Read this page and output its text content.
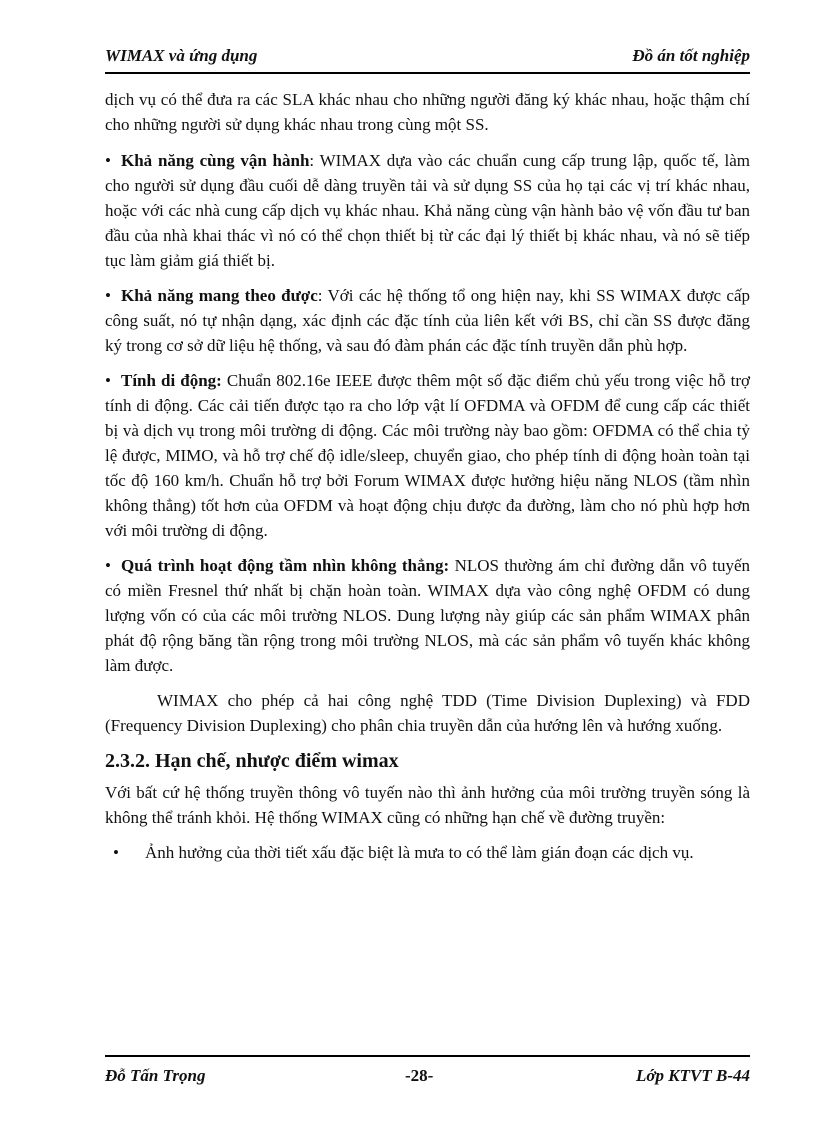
WIMAX và ứng dụng	Đồ án tốt nghiệp

dịch vụ có thể đưa ra các SLA khác nhau cho những người đăng ký khác nhau, hoặc thậm chí cho những người sử dụng khác nhau trong cùng một SS.

• Khả năng cùng vận hành: WIMAX dựa vào các chuẩn cung cấp trung lập, quốc tế, làm cho người sử dụng đầu cuối dễ dàng truyền tải và sử dụng SS của họ tại các vị trí khác nhau, hoặc với các nhà cung cấp dịch vụ khác nhau. Khả năng cùng vận hành bảo vệ vốn đầu tư ban đầu của nhà khai thác vì nó có thể chọn thiết bị từ các đại lý thiết bị khác nhau, và nó sẽ tiếp tục làm giảm giá thiết bị.

• Khả năng mang theo được: Với các hệ thống tổ ong hiện nay, khi SS WIMAX được cấp công suất, nó tự nhận dạng, xác định các đặc tính của liên kết với BS, chỉ cần SS được đăng ký trong cơ sở dữ liệu hệ thống, và sau đó đàm phán các đặc tính truyền dẫn phù hợp.

• Tính di động: Chuẩn 802.16e IEEE được thêm một số đặc điểm chủ yếu trong việc hỗ trợ tính di động. Các cải tiến được tạo ra cho lớp vật lí OFDMA và OFDM để cung cấp các thiết bị và dịch vụ trong môi trường di động. Các môi trường này bao gồm: OFDMA có thể chia tỷ lệ được, MIMO, và hỗ trợ chế độ idle/sleep, chuyển giao, cho phép tính di động hoàn toàn tại tốc độ 160 km/h. Chuẩn hỗ trợ bởi Forum WIMAX được hưởng hiệu năng NLOS (tầm nhìn không thẳng) tốt hơn của OFDM và hoạt động chịu được đa đường, làm cho nó phù hợp hơn với môi trường di động.

• Quá trình hoạt động tầm nhìn không thẳng: NLOS thường ám chỉ đường dẫn vô tuyến có miền Fresnel thứ nhất bị chặn hoàn toàn. WIMAX dựa vào công nghệ OFDM có dung lượng vốn có của các môi trường NLOS. Dung lượng này giúp các sản phẩm WIMAX phân phát độ rộng băng tần rộng trong môi trường NLOS, mà các sản phẩm vô tuyến khác không làm được.

WIMAX cho phép cả hai công nghệ TDD (Time Division Duplexing) và FDD (Frequency Division Duplexing) cho phân chia truyền dẫn của hướng lên và hướng xuống.

2.3.2. Hạn chế, nhược điểm wimax

Với bất cứ hệ thống truyền thông vô tuyến nào thì ảnh hưởng của môi trường truyền sóng là không thể tránh khỏi. Hệ thống WIMAX cũng có những hạn chế về đường truyền:

• Ảnh hưởng của thời tiết xấu đặc biệt là mưa to có thể làm gián đoạn các dịch vụ.

Đỗ Tấn Trọng	-28-	Lớp KTVT B-44
